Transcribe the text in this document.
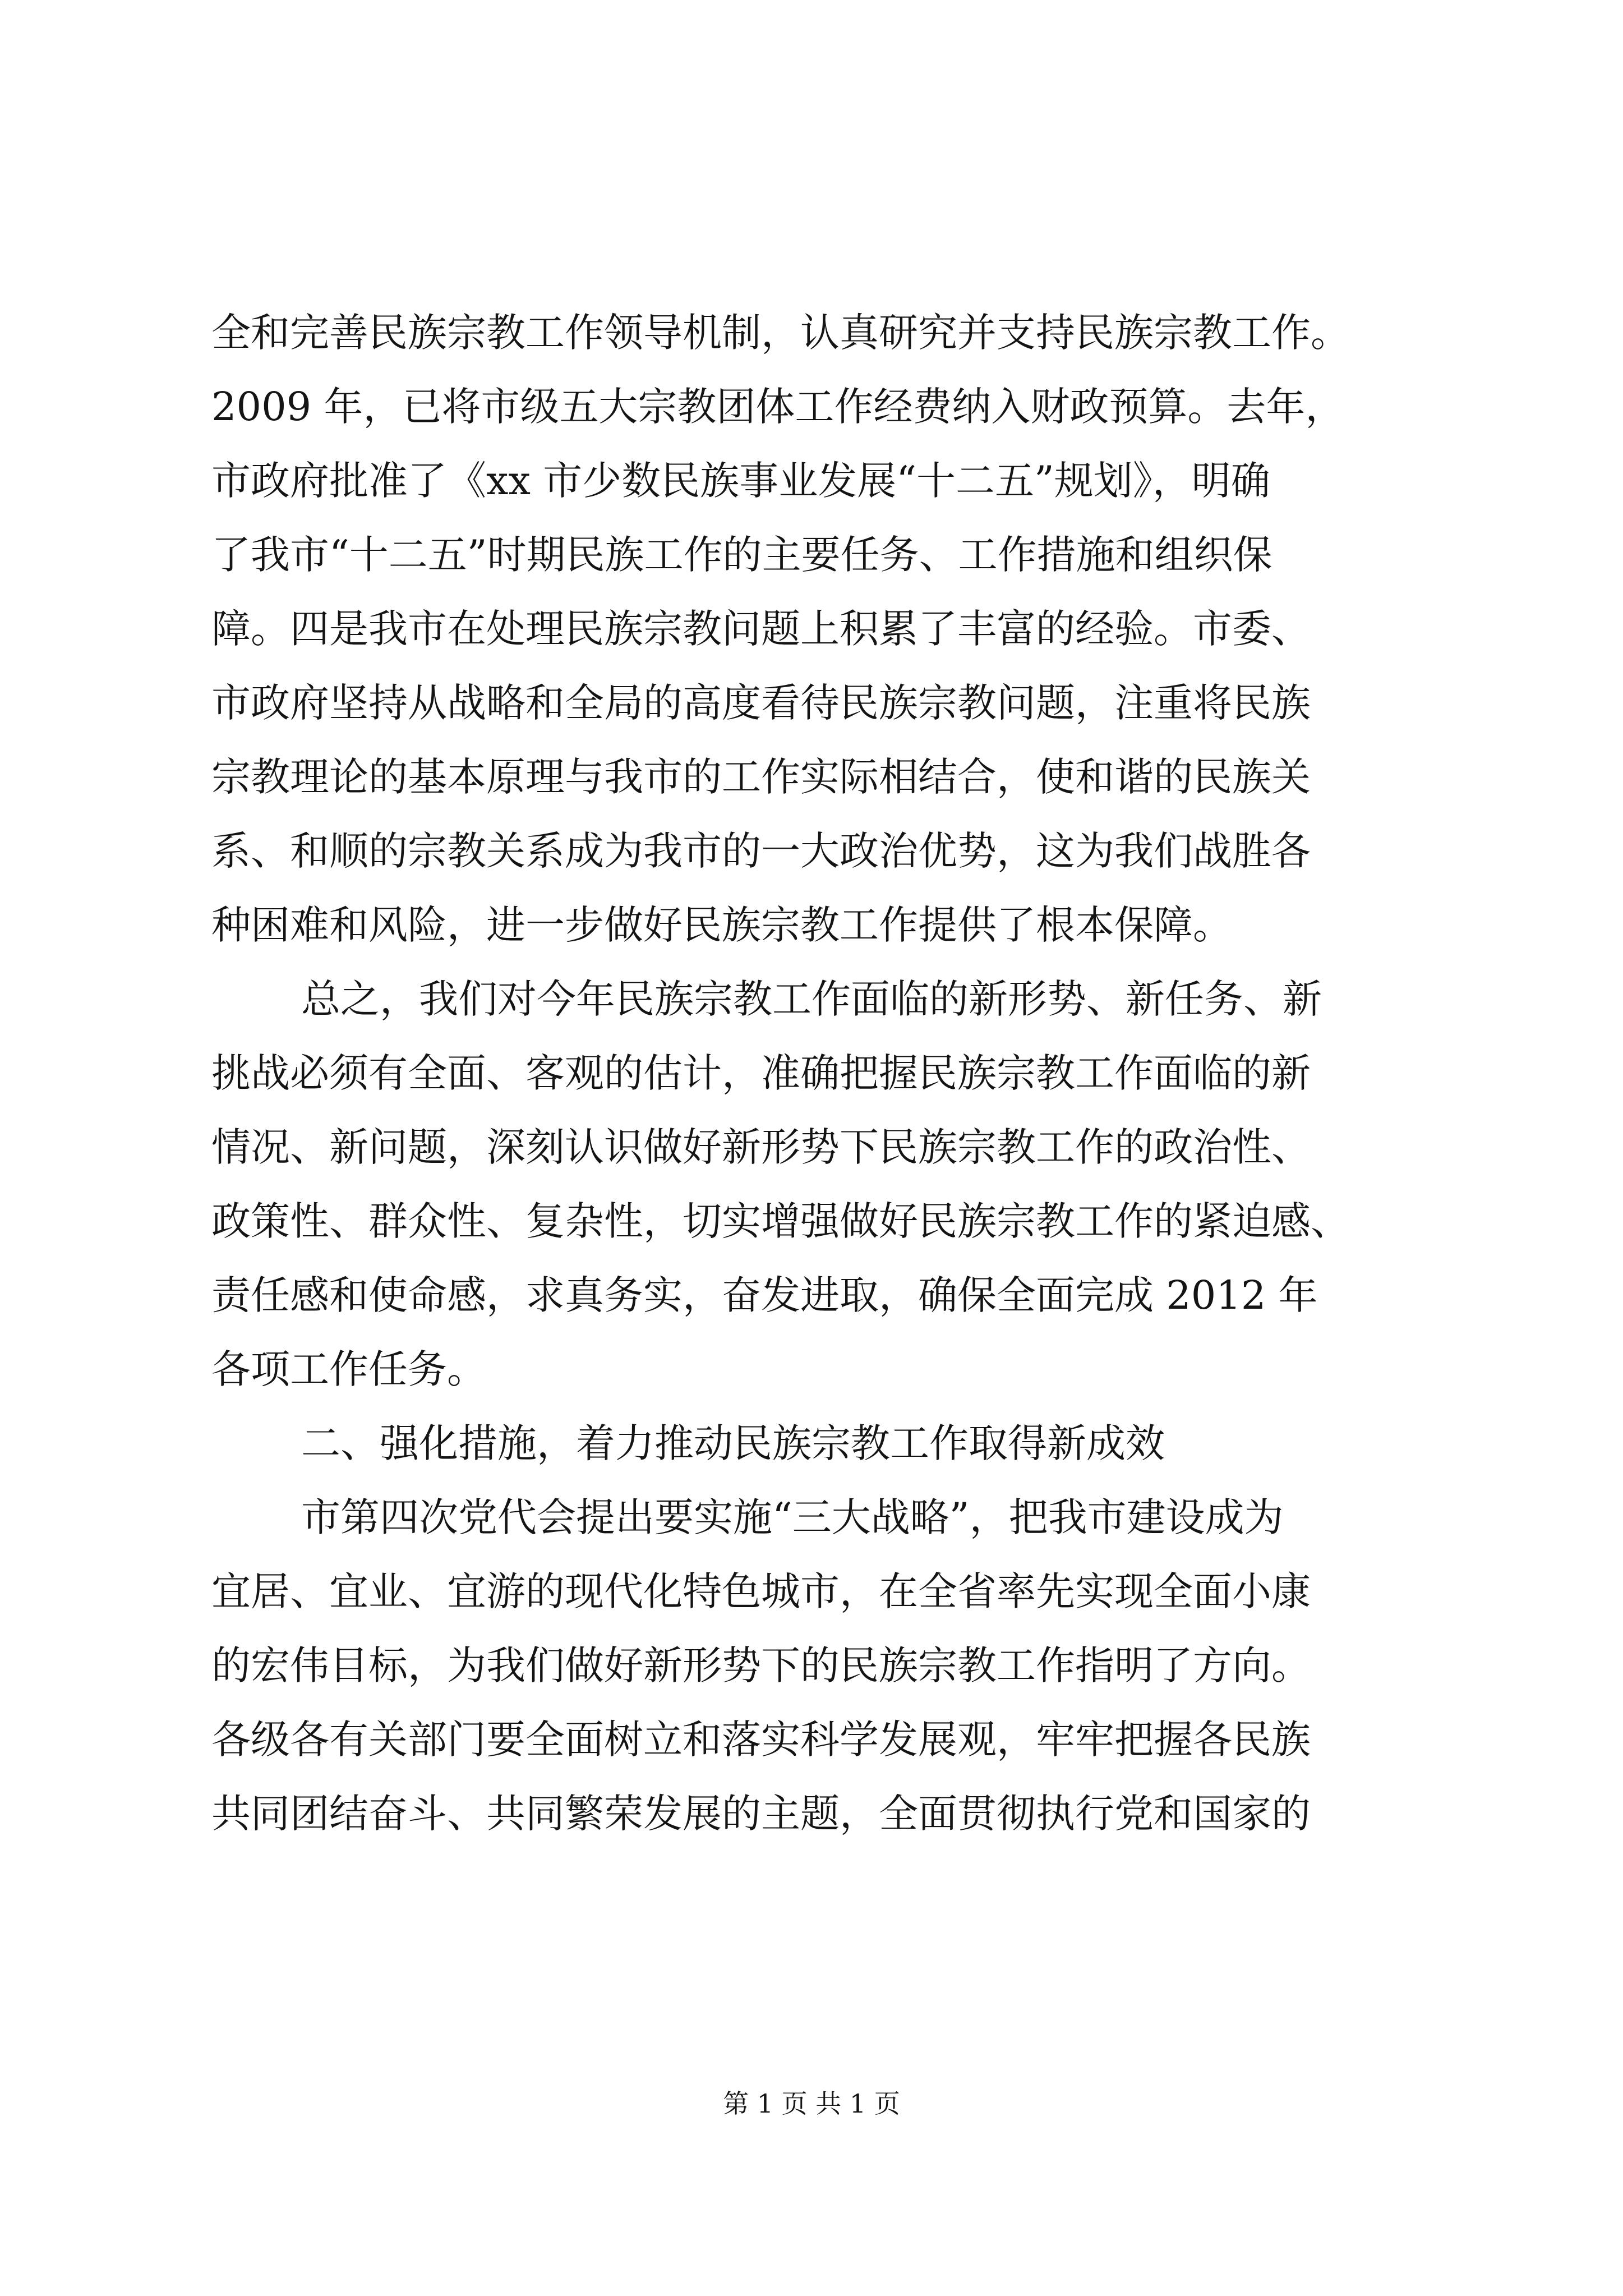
全和完善民族宗教工作领导机制，认真研究并支持民族宗教工作。
2009 年，已将市级五大宗教团体工作经费纳入财政预算。去年，
市政府批准了《xx 市少数民族事业发展“十二五”规划》，明确
了我市“十二五”时期民族工作的主要任务、工作措施和组织保
障。四是我市在处理民族宗教问题上积累了丰富的经验。市委、
市政府坚持从战略和全局的高度看待民族宗教问题，注重将民族
宗教理论的基本原理与我市的工作实际相结合，使和谐的民族关
系、和顺的宗教关系成为我市的一大政治优势，这为我们战胜各
种困难和风险，进一步做好民族宗教工作提供了根本保障。
总之，我们对今年民族宗教工作面临的新形势、新任务、新
挑战必须有全面、客观的估计，准确把握民族宗教工作面临的新
情况、新问题，深刻认识做好新形势下民族宗教工作的政治性、
政策性、群众性、复杂性，切实增强做好民族宗教工作的紧迫感、
责任感和使命感，求真务实，奋发进取，确保全面完成 2012 年
各项工作任务。
二、强化措施，着力推动民族宗教工作取得新成效
市第四次党代会提出要实施“三大战略”，把我市建设成为
宜居、宜业、宜游的现代化特色城市，在全省率先实现全面小康
的宏伟目标，为我们做好新形势下的民族宗教工作指明了方向。
各级各有关部门要全面树立和落实科学发展观，牢牢把握各民族
共同团结奋斗、共同繁荣发展的主题，全面贯彻执行党和国家的
第 1 页 共 1 页
